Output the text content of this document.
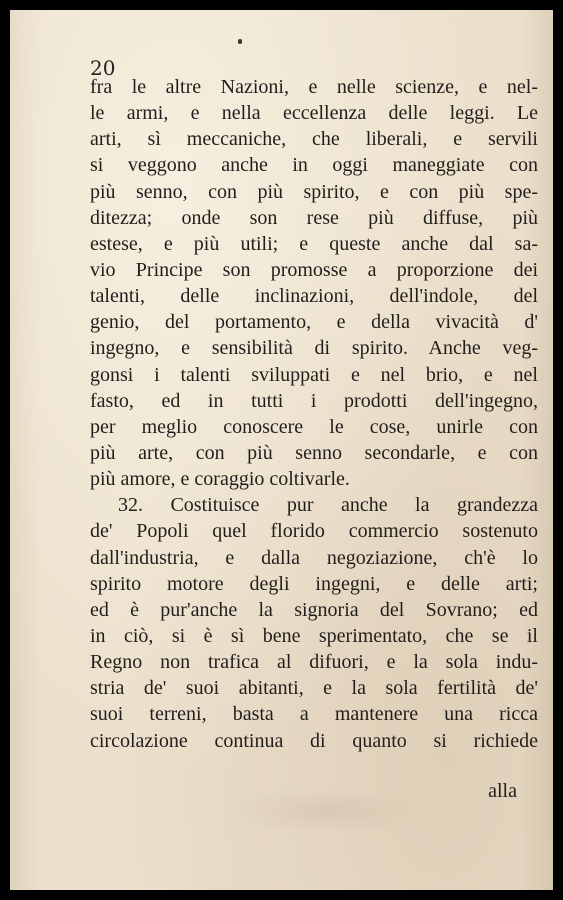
20
fra le altre Nazioni, e nelle scienze, e nel-
le armi, e nella eccellenza delle leggi. Le
arti, sì meccaniche, che liberali, e servili
si veggono anche in oggi maneggiate con
più senno, con più spirito, e con più spe-
ditezza; onde son rese più diffuse, più
estese, e più utili; e queste anche dal sa-
vio Principe son promosse a proporzione dei
talenti, delle inclinazioni, dell'indole, del
genio, del portamento, e della vivacità d'
ingegno, e sensibilità di spirito. Anche veg-
gonsi i talenti sviluppati e nel brio, e nel
fasto, ed in tutti i prodotti dell'ingegno,
per meglio conoscere le cose, unirle con
più arte, con più senno secondarle, e con
più amore, e coraggio coltivarle.
32. Costituisce pur anche la grandezza
de' Popoli quel florido commercio sostenuto
dall'industria, e dalla negoziazione, ch'è lo
spirito motore degli ingegni, e delle arti;
ed è pur'anche la signoria del Sovrano; ed
in ciò, si è sì bene sperimentato, che se il
Regno non trafica al difuori, e la sola indu-
stria de' suoi abitanti, e la sola fertilità de'
suoi terreni, basta a mantenere una ricca
circolazione continua di quanto si richiede
alla
